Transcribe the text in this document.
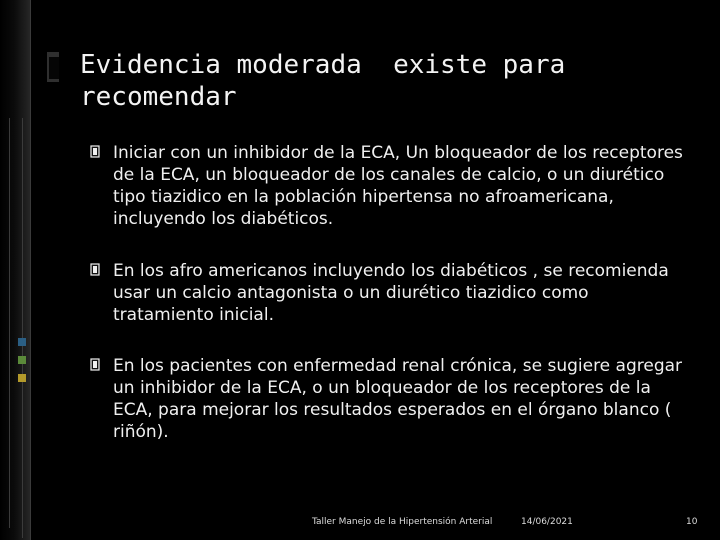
Evidencia moderada  existe para
recomendar
Iniciar con un inhibidor de la ECA, Un bloqueador de los receptores de la ECA, un bloqueador de los canales de calcio, o un diurético tipo tiazidico en la población hipertensa no afroamericana, incluyendo los diabéticos.
En los afro americanos incluyendo los diabéticos , se recomienda usar un calcio antagonista o un diurético tiazidico como tratamiento inicial.
En los pacientes con enfermedad renal crónica, se sugiere agregar un inhibidor de la ECA, o un bloqueador de los receptores de la ECA, para mejorar los resultados esperados en el órgano blanco ( riñón).
Taller Manejo de la Hipertensión Arterial	14/06/2021	10
